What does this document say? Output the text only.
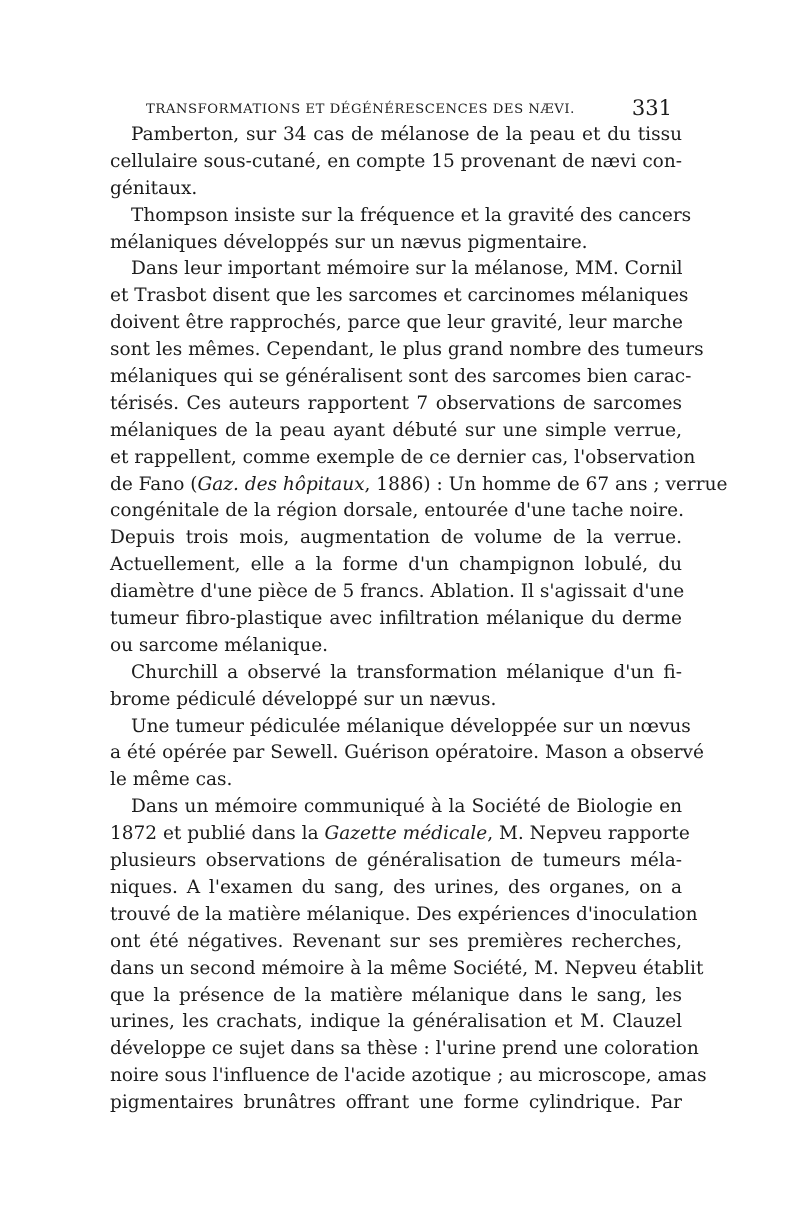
TRANSFORMATIONS ET DÉGÉNÉRESCENCES DES NÆVI.	331
Pamberton, sur 34 cas de mélanose de la peau et du tissu
cellulaire sous-cutané, en compte 15 provenant de nævi con-
génitaux.
Thompson insiste sur la fréquence et la gravité des cancers
mélaniques développés sur un nævus pigmentaire.
Dans leur important mémoire sur la mélanose, MM. Cornil
et Trasbot disent que les sarcomes et carcinomes mélaniques
doivent être rapprochés, parce que leur gravité, leur marche
sont les mêmes. Cependant, le plus grand nombre des tumeurs
mélaniques qui se généralisent sont des sarcomes bien carac-
térisés. Ces auteurs rapportent 7 observations de sarcomes
mélaniques de la peau ayant débuté sur une simple verrue,
et rappellent, comme exemple de ce dernier cas, l'observation
de Fano (Gaz. des hôpitaux, 1886) : Un homme de 67 ans ; verrue
congénitale de la région dorsale, entourée d'une tache noire.
Depuis trois mois, augmentation de volume de la verrue.
Actuellement, elle a la forme d'un champignon lobulé, du
diamètre d'une pièce de 5 francs. Ablation. Il s'agissait d'une
tumeur fibro-plastique avec infiltration mélanique du derme
ou sarcome mélanique.
Churchill a observé la transformation mélanique d'un fi-
brome pédiculé développé sur un nævus.
Une tumeur pédiculée mélanique développée sur un nœvus
a été opérée par Sewell. Guérison opératoire. Mason a observé
le même cas.
Dans un mémoire communiqué à la Société de Biologie en
1872 et publié dans la Gazette médicale, M. Nepveu rapporte
plusieurs observations de généralisation de tumeurs méla-
niques. A l'examen du sang, des urines, des organes, on a
trouvé de la matière mélanique. Des expériences d'inoculation
ont été négatives. Revenant sur ses premières recherches,
dans un second mémoire à la même Société, M. Nepveu établit
que la présence de la matière mélanique dans le sang, les
urines, les crachats, indique la généralisation et M. Clauzel
développe ce sujet dans sa thèse : l'urine prend une coloration
noire sous l'influence de l'acide azotique ; au microscope, amas
pigmentaires brunâtres offrant une forme cylindrique. Par
